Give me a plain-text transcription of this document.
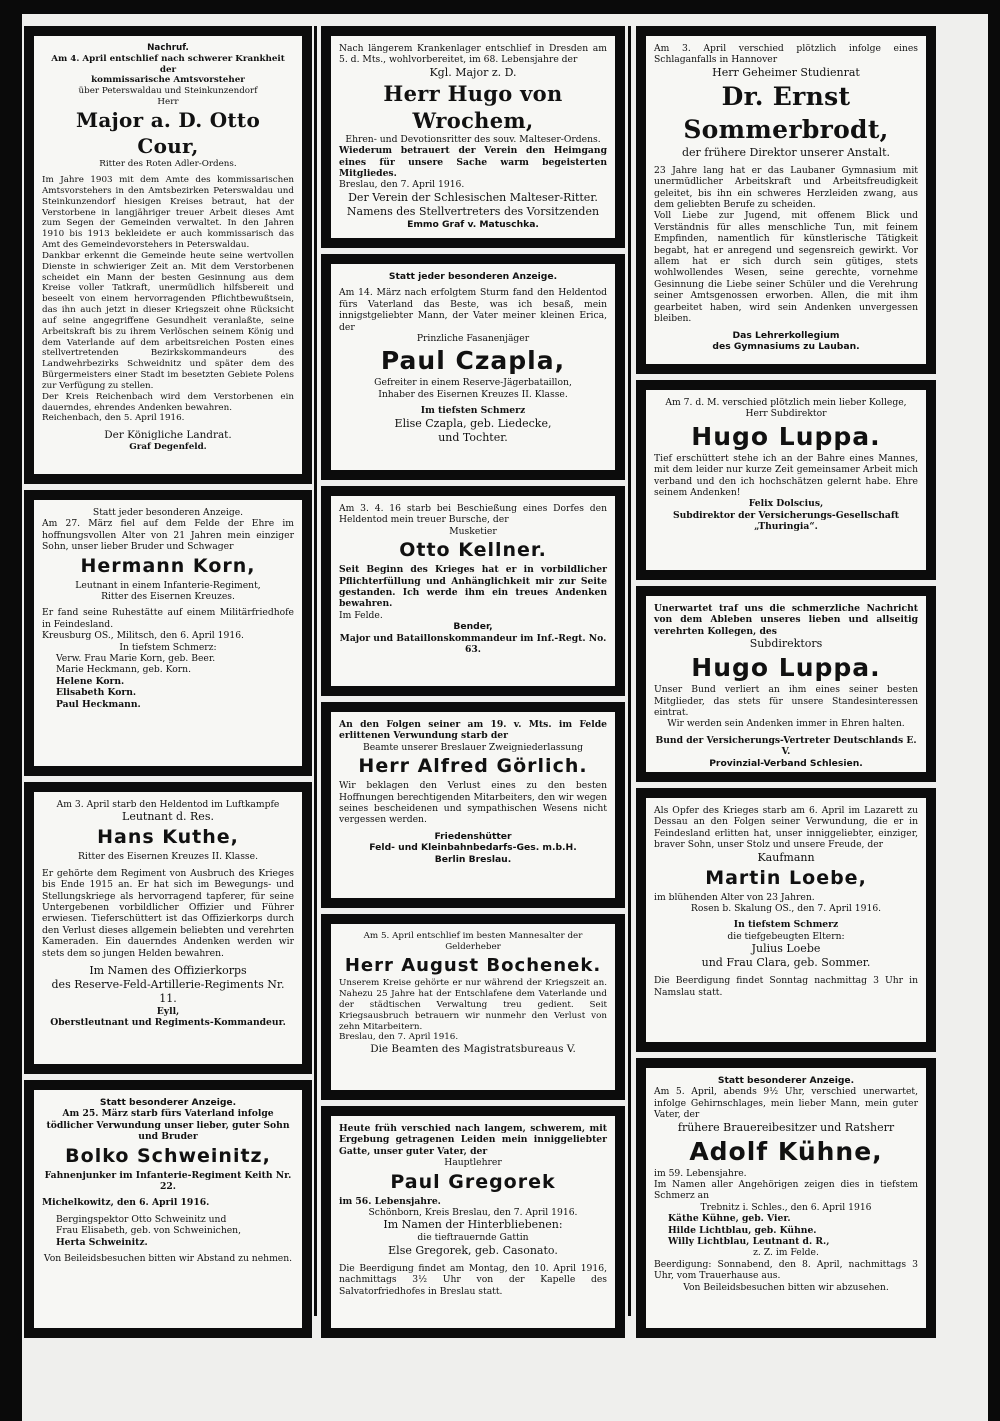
Nachruf.
Am 4. April entschlief nach schwerer Krankheit der
kommissarische Amtsvorsteher
über Peterswaldau und Steinkunzendorf
Herr
Major a. D. Otto Cour,
Ritter des Roten Adler-Ordens.
Im Jahre 1903 mit dem Amte des kommissarischen Amtsvorstehers in den Amtsbezirken Peterswaldau und Steinkunzendorf hiesigen Kreises betraut, hat der Verstorbene in langjähriger treuer Arbeit dieses Amt zum Segen der Gemeinden verwaltet. In den Jahren 1910 bis 1913 bekleidete er auch kommissarisch das Amt des Gemeindevorstehers in Peterswaldau.
Dankbar erkennt die Gemeinde heute seine wertvollen Dienste in schwieriger Zeit an. Mit dem Verstorbenen scheidet ein Mann der besten Gesinnung aus dem Kreise voller Tatkraft, unermüdlich hilfsbereit und beseelt von einem hervorragenden Pflichtbewußtsein, das ihn auch jetzt in dieser Kriegszeit ohne Rücksicht auf seine angegriffene Gesundheit veranlaßte, seine Arbeitskraft bis zu ihrem Verlöschen seinem König und dem Vaterlande auf dem arbeitsreichen Posten eines stellvertretenden Bezirkskommandeurs des Landwehrbezirks Schweidnitz und später dem des Bürgermeisters einer Stadt im besetzten Gebiete Polens zur Verfügung zu stellen.
Der Kreis Reichenbach wird dem Verstorbenen ein dauerndes, ehrendes Andenken bewahren.
Reichenbach, den 5. April 1916.
Der Königliche Landrat.
Graf Degenfeld.
Statt jeder besonderen Anzeige.
Am 27. März fiel auf dem Felde der Ehre im hoffnungsvollen Alter von 21 Jahren mein einziger Sohn, unser lieber Bruder und Schwager
Hermann Korn,
Leutnant in einem Infanterie-Regiment,
Ritter des Eisernen Kreuzes.
Er fand seine Ruhestätte auf einem Militärfriedhofe in Feindesland.
Kreusburg OS., Militsch, den 6. April 1916.
In tiefstem Schmerz:
Verw. Frau Marie Korn, geb. Beer.
Marie Heckmann, geb. Korn.
Helene Korn.
Elisabeth Korn.
Paul Heckmann.
Am 3. April starb den Heldentod im Luftkampfe
Leutnant d. Res.
Hans Kuthe,
Ritter des Eisernen Kreuzes II. Klasse.
Er gehörte dem Regiment von Ausbruch des Krieges bis Ende 1915 an. Er hat sich im Bewegungs- und Stellungskriege als hervorragend tapferer, für seine Untergebenen vorbildlicher Offizier und Führer erwiesen. Tieferschüttert ist das Offizierkorps durch den Verlust dieses allgemein beliebten und verehrten Kameraden. Ein dauerndes Andenken werden wir stets dem so jungen Helden bewahren.
Im Namen des Offizierkorps
des Reserve-Feld-Artillerie-Regiments Nr. 11.
Eyll,
Oberstleutnant und Regiments-Kommandeur.
Statt besonderer Anzeige.
Am 25. März starb fürs Vaterland infolge tödlicher Verwundung unser lieber, guter Sohn und Bruder
Bolko Schweinitz,
Fahnenjunker im Infanterie-Regiment Keith Nr. 22.
Michelkowitz, den 6. April 1916.
Bergingspektor Otto Schweinitz und
Frau Elisabeth, geb. von Schweinichen,
Herta Schweinitz.
Von Beileidsbesuchen bitten wir Abstand zu nehmen.
Nach längerem Krankenlager entschlief in Dresden am 5. d. Mts., wohlvorbereitet, im 68. Lebensjahre der
Kgl. Major z. D.
Herr Hugo von Wrochem,
Ehren- und Devotionsritter des souv. Malteser-Ordens.
Wiederum betrauert der Verein den Heimgang eines für unsere Sache warm begeisterten Mitgliedes.
Breslau, den 7. April 1916.
Der Verein der Schlesischen Malteser-Ritter.
Namens des Stellvertreters des Vorsitzenden
Emmo Graf v. Matuschka.
Statt jeder besonderen Anzeige.
Am 14. März nach erfolgtem Sturm fand den Heldentod fürs Vaterland das Beste, was ich besaß, mein innigstgeliebter Mann, der Vater meiner kleinen Erica, der
Prinzliche Fasanenjäger
Paul Czapla,
Gefreiter in einem Reserve-Jägerbataillon,
Inhaber des Eisernen Kreuzes II. Klasse.
Im tiefsten Schmerz
Elise Czapla, geb. Liedecke,
und Tochter.
Am 3. 4. 16 starb bei Beschießung eines Dorfes den Heldentod mein treuer Bursche, der
Musketier
Otto Kellner.
Seit Beginn des Krieges hat er in vorbildlicher Pflichterfüllung und Anhänglichkeit mir zur Seite gestanden. Ich werde ihm ein treues Andenken bewahren.
Im Felde.
Bender,
Major und Bataillonskommandeur im Inf.-Regt. No. 63.
An den Folgen seiner am 19. v. Mts. im Felde erlittenen Verwundung starb der
Beamte unserer Breslauer Zweigniederlassung
Herr Alfred Görlich.
Wir beklagen den Verlust eines zu den besten Hoffnungen berechtigenden Mitarbeiters, den wir wegen seines bescheidenen und sympathischen Wesens nicht vergessen werden.
Friedenshütter
Feld- und Kleinbahnbedarfs-Ges. m.b.H.
Berlin Breslau.
Am 5. April entschlief im besten Mannesalter der
Gelderheber
Herr August Bochenek.
Unserem Kreise gehörte er nur während der Kriegszeit an. Nahezu 25 Jahre hat der Entschlafene dem Vaterlande und der städtischen Verwaltung treu gedient. Seit Kriegsausbruch betrauern wir nunmehr den Verlust von zehn Mitarbeitern.
Breslau, den 7. April 1916.
Die Beamten des Magistratsbureaus V.
Heute früh verschied nach langem, schwerem, mit Ergebung getragenen Leiden mein inniggeliebter Gatte, unser guter Vater, der
Hauptlehrer
Paul Gregorek
im 56. Lebensjahre.
Schönborn, Kreis Breslau, den 7. April 1916.
Im Namen der Hinterbliebenen:
die tieftrauernde Gattin
Else Gregorek, geb. Casonato.
Die Beerdigung findet am Montag, den 10. April 1916, nachmittags 3½ Uhr von der Kapelle des Salvatorfriedhofes in Breslau statt.
Am 3. April verschied plötzlich infolge eines Schlaganfalls in Hannover
Herr Geheimer Studienrat
Dr. Ernst Sommerbrodt,
der frühere Direktor unserer Anstalt.
23 Jahre lang hat er das Laubaner Gymnasium mit unermüdlicher Arbeitskraft und Arbeitsfreudigkeit geleitet, bis ihn ein schweres Herzleiden zwang, aus dem geliebten Berufe zu scheiden.
Voll Liebe zur Jugend, mit offenem Blick und Verständnis für alles menschliche Tun, mit feinem Empfinden, namentlich für künstlerische Tätigkeit begabt, hat er anregend und segensreich gewirkt. Vor allem hat er sich durch sein gütiges, stets wohlwollendes Wesen, seine gerechte, vornehme Gesinnung die Liebe seiner Schüler und die Verehrung seiner Amtsgenossen erworben. Allen, die mit ihm gearbeitet haben, wird sein Andenken unvergessen bleiben.
Das Lehrerkollegium
des Gymnasiums zu Lauban.
Am 7. d. M. verschied plötzlich mein lieber Kollege,
Herr Subdirektor
Hugo Luppa.
Tief erschüttert stehe ich an der Bahre eines Mannes, mit dem leider nur kurze Zeit gemeinsamer Arbeit mich verband und den ich hochschätzen gelernt habe. Ehre seinem Andenken!
Felix Dolscius,
Subdirektor der Versicherungs-Gesellschaft „Thuringia“.
Unerwartet traf uns die schmerzliche Nachricht von dem Ableben unseres lieben und allseitig verehrten Kollegen, des
Subdirektors
Hugo Luppa.
Unser Bund verliert an ihm eines seiner besten Mitglieder, das stets für unsere Standesinteressen eintrat.
Wir werden sein Andenken immer in Ehren halten.
Bund der Versicherungs-Vertreter Deutschlands E. V.
Provinzial-Verband Schlesien.
Als Opfer des Krieges starb am 6. April im Lazarett zu Dessau an den Folgen seiner Verwundung, die er in Feindesland erlitten hat, unser inniggeliebter, einziger, braver Sohn, unser Stolz und unsere Freude, der
Kaufmann
Martin Loebe,
im blühenden Alter von 23 Jahren.
Rosen b. Skalung OS., den 7. April 1916.
In tiefstem Schmerz
die tiefgebeugten Eltern:
Julius Loebe
und Frau Clara, geb. Sommer.
Die Beerdigung findet Sonntag nachmittag 3 Uhr in Namslau statt.
Statt besonderer Anzeige.
Am 5. April, abends 9½ Uhr, verschied unerwartet, infolge Gehirnschlages, mein lieber Mann, mein guter Vater, der
frühere Brauereibesitzer und Ratsherr
Adolf Kühne,
im 59. Lebensjahre.
Im Namen aller Angehörigen zeigen dies in tiefstem Schmerz an
Trebnitz i. Schles., den 6. April 1916
Käthe Kühne, geb. Vier.
Hilde Lichtblau, geb. Kühne.
Willy Lichtblau, Leutnant d. R.,
z. Z. im Felde.
Beerdigung: Sonnabend, den 8. April, nachmittags 3 Uhr, vom Trauerhause aus.
Von Beileidsbesuchen bitten wir abzusehen.
